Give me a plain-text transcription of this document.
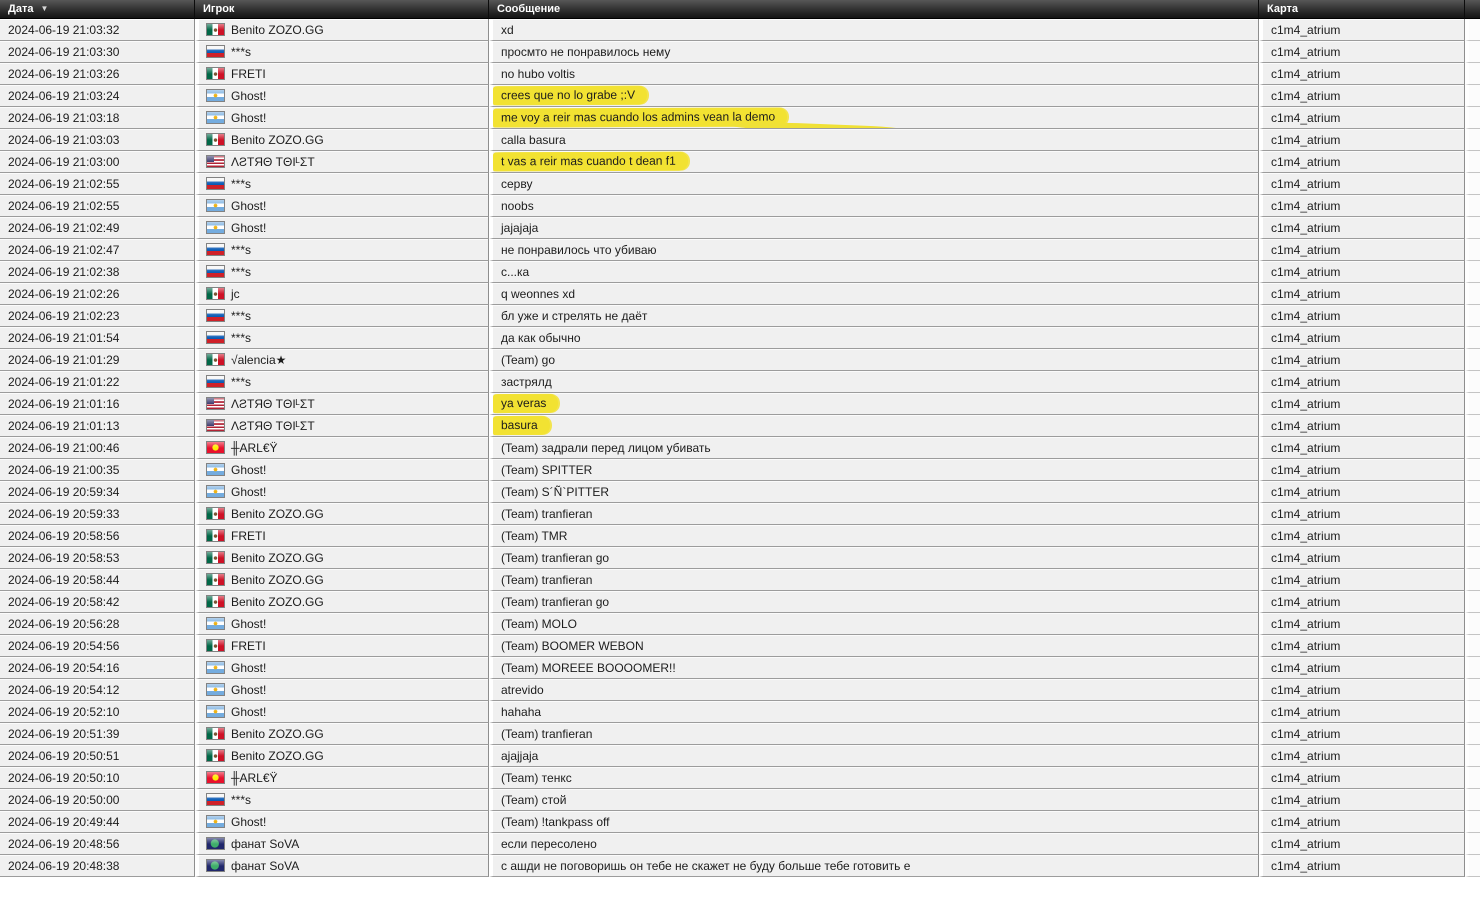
Дата ▼	Игрок	Сообщение	Карта	
2024-06-19 21:03:32	Benito ZOZO.GG	xd	c1m4_atrium	
2024-06-19 21:03:30	***s	просмто не понравилось нему	c1m4_atrium	
2024-06-19 21:03:26	FRETI	no hubo voltis	c1m4_atrium	
2024-06-19 21:03:24	Ghost!	crees que no lo grabe ;:V	c1m4_atrium	
2024-06-19 21:03:18	Ghost!	me voy a reir mas cuando los admins vean la demo	c1m4_atrium	
2024-06-19 21:03:03	Benito ZOZO.GG	calla basura	c1m4_atrium	
2024-06-19 21:03:00	ΛƧTЯΘ TΘIᴸΣT	t vas a reir mas cuando t dean f1	c1m4_atrium	
2024-06-19 21:02:55	***s	серву	c1m4_atrium	
2024-06-19 21:02:55	Ghost!	noobs	c1m4_atrium	
2024-06-19 21:02:49	Ghost!	jajajaja	c1m4_atrium	
2024-06-19 21:02:47	***s	не понравилось что убиваю	c1m4_atrium	
2024-06-19 21:02:38	***s	с...ка	c1m4_atrium	
2024-06-19 21:02:26	jc	q weonnes xd	c1m4_atrium	
2024-06-19 21:02:23	***s	бл уже и стрелять не даёт	c1m4_atrium	
2024-06-19 21:01:54	***s	да как обычно	c1m4_atrium	
2024-06-19 21:01:29	√alencia★	(Team) go	c1m4_atrium	
2024-06-19 21:01:22	***s	застрялд	c1m4_atrium	
2024-06-19 21:01:16	ΛƧTЯΘ TΘIᴸΣT	ya veras	c1m4_atrium	
2024-06-19 21:01:13	ΛƧTЯΘ TΘIᴸΣT	basura	c1m4_atrium	
2024-06-19 21:00:46	╫ARL€Ÿ	(Team) задрали перед лицом убивать	c1m4_atrium	
2024-06-19 21:00:35	Ghost!	(Team) SPITTER	c1m4_atrium	
2024-06-19 20:59:34	Ghost!	(Team) S´Ñ`PITTER	c1m4_atrium	
2024-06-19 20:59:33	Benito ZOZO.GG	(Team) tranfieran	c1m4_atrium	
2024-06-19 20:58:56	FRETI	(Team) TMR	c1m4_atrium	
2024-06-19 20:58:53	Benito ZOZO.GG	(Team) tranfieran go	c1m4_atrium	
2024-06-19 20:58:44	Benito ZOZO.GG	(Team) tranfieran	c1m4_atrium	
2024-06-19 20:58:42	Benito ZOZO.GG	(Team) tranfieran go	c1m4_atrium	
2024-06-19 20:56:28	Ghost!	(Team) MOLO	c1m4_atrium	
2024-06-19 20:54:56	FRETI	(Team) BOOMER WEBON	c1m4_atrium	
2024-06-19 20:54:16	Ghost!	(Team) MOREEE BOOOOMER!!	c1m4_atrium	
2024-06-19 20:54:12	Ghost!	atrevido	c1m4_atrium	
2024-06-19 20:52:10	Ghost!	hahaha	c1m4_atrium	
2024-06-19 20:51:39	Benito ZOZO.GG	(Team) tranfieran	c1m4_atrium	
2024-06-19 20:50:51	Benito ZOZO.GG	ajajjaja	c1m4_atrium	
2024-06-19 20:50:10	╫ARL€Ÿ	(Team) тенкс	c1m4_atrium	
2024-06-19 20:50:00	***s	(Team) стой	c1m4_atrium	
2024-06-19 20:49:44	Ghost!	(Team) !tankpass off	c1m4_atrium	
2024-06-19 20:48:56	фанат SoVA	если пересолено	c1m4_atrium	
2024-06-19 20:48:38	фанат SoVA	с ашди не поговоришь он тебе не скажет не буду больше тебе готовить е	c1m4_atrium	
